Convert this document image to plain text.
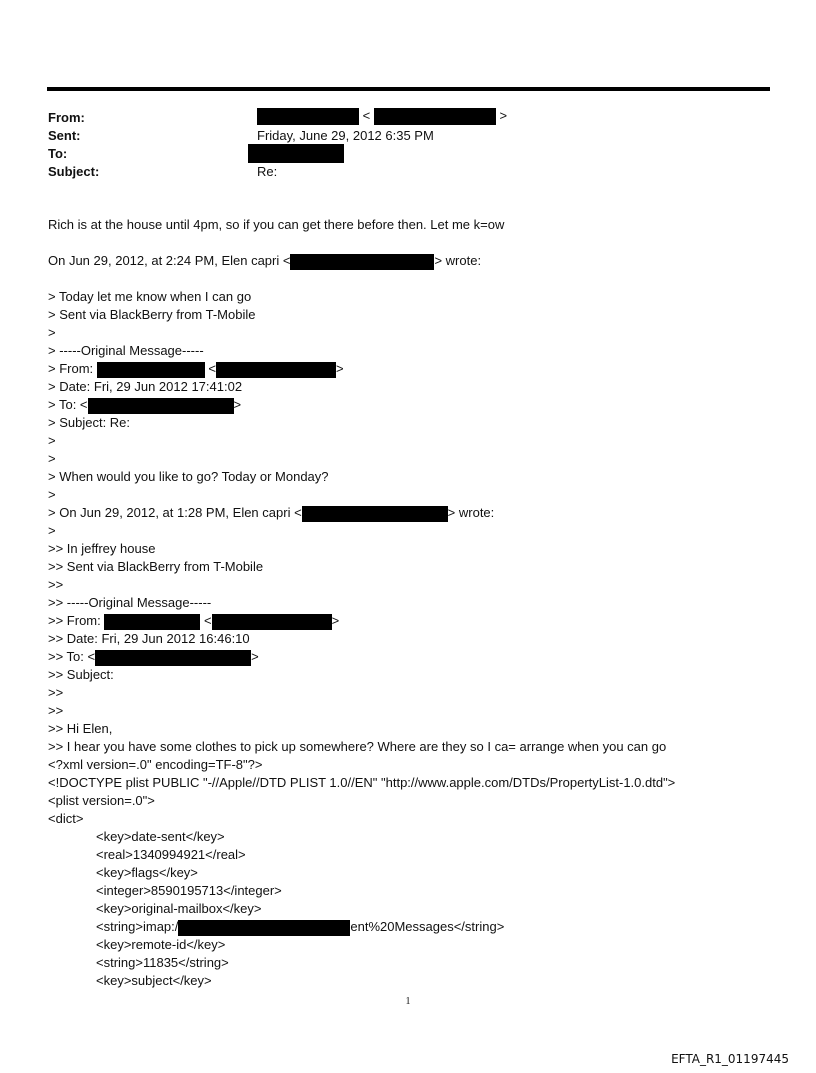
From:	<	>
Sent:	Friday, June 29, 2012 6:35 PM
To:
Subject:	Re:
Rich is at the house until 4pm, so if you can get there before then. Let me k=ow
On Jun 29, 2012, at 2:24 PM, Elen capri <	> wrote:
> Today let me know when I can go
> Sent via BlackBerry from T-Mobile
>
> -----Original Message-----
> From:	<	>
> Date: Fri, 29 Jun 2012 17:41:02
> To: <	>
> Subject: Re:
>
>
> When would you like to go? Today or Monday?
>
> On Jun 29, 2012, at 1:28 PM, Elen capri <	> wrote:
>
>> In jeffrey house
>> Sent via BlackBerry from T-Mobile
>>
>> -----Original Message-----
>> From:	<	>
>> Date: Fri, 29 Jun 2012 16:46:10
>> To: <	>
>> Subject:
>>
>>
>> Hi Elen,
>> I hear you have some clothes to pick up somewhere? Where are they so I ca= arrange when you can go
<?xml version=.0" encoding=TF-8"?>
<!DOCTYPE plist PUBLIC "-//Apple//DTD PLIST 1.0//EN" "http://www.apple.com/DTDs/PropertyList-1.0.dtd">
<plist version=.0">
<dict>
<key>date-sent</key>
<real>1340994921</real>
<key>flags</key>
<integer>8590195713</integer>
<key>original-mailbox</key>
<string>imap:/	ent%20Messages</string>
<key>remote-id</key>
<string>11835</string>
<key>subject</key>
1
EFTA_R1_01197445
